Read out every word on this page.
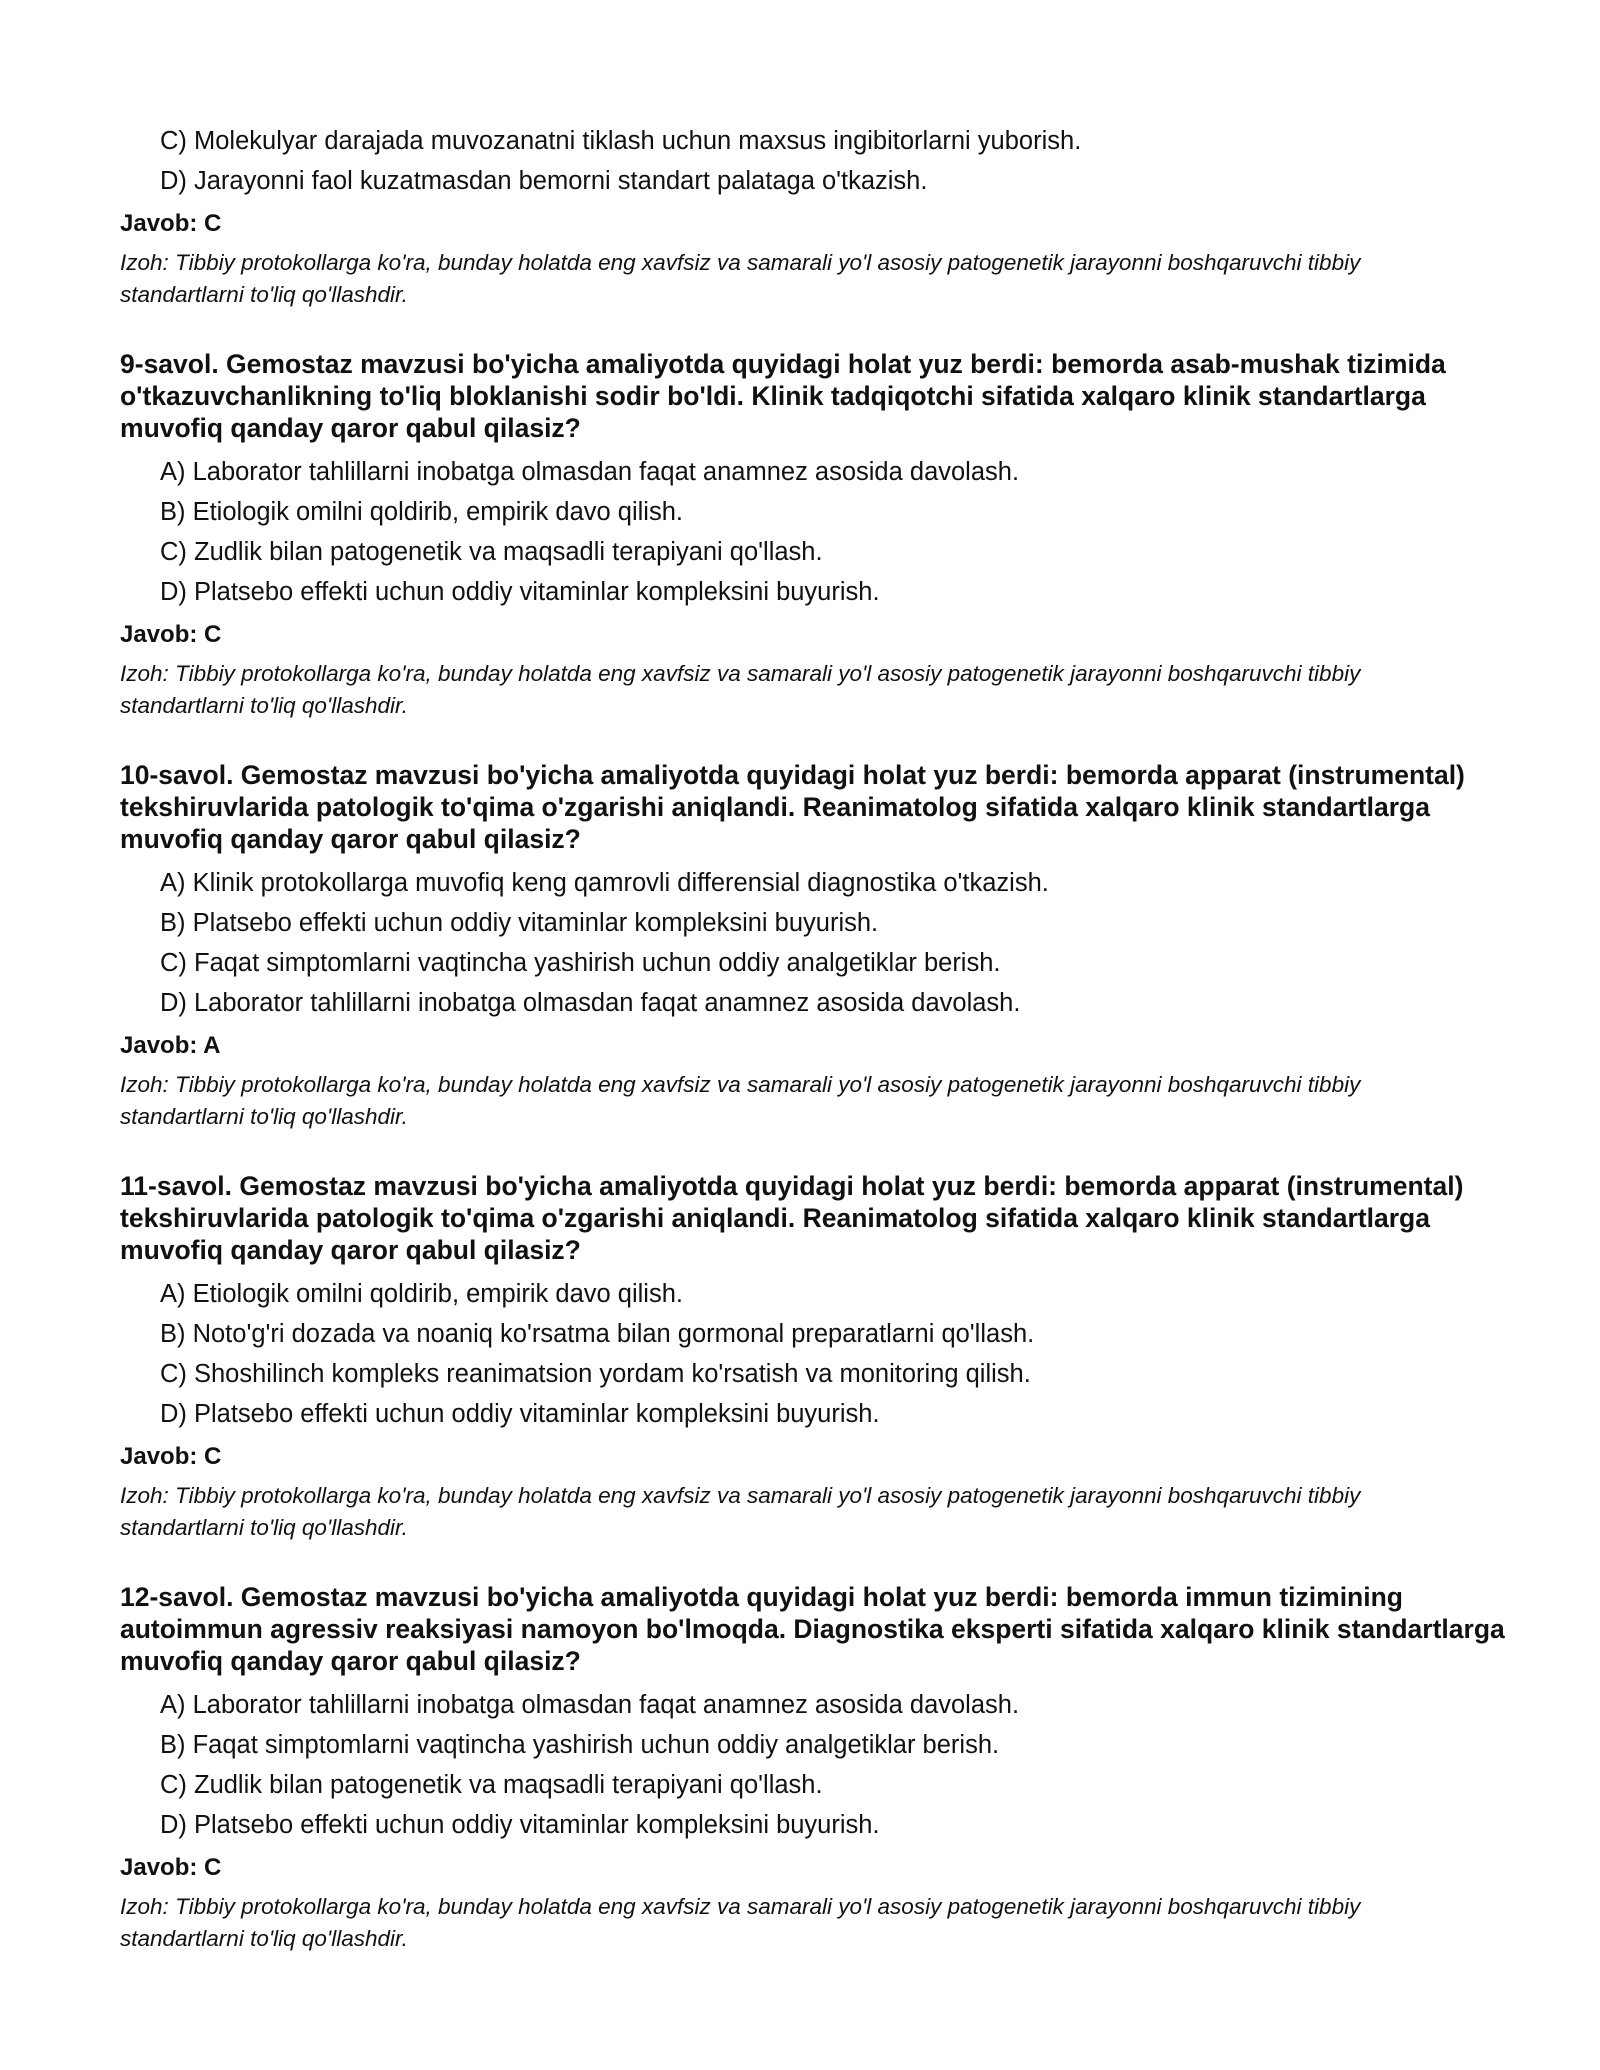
C) Molekulyar darajada muvozanatni tiklash uchun maxsus ingibitorlarni yuborish.
D) Jarayonni faol kuzatmasdan bemorni standart palataga o'tkazish.
Javob: C
Izoh: Tibbiy protokollarga ko'ra, bunday holatda eng xavfsiz va samarali yo'l asosiy patogenetik jarayonni boshqaruvchi tibbiy standartlarni to'liq qo'llashdir.
9-savol. Gemostaz mavzusi bo'yicha amaliyotda quyidagi holat yuz berdi: bemorda asab-mushak tizimida o'tkazuvchanlikning to'liq bloklanishi sodir bo'ldi. Klinik tadqiqotchi sifatida xalqaro klinik standartlarga muvofiq qanday qaror qabul qilasiz?
A) Laborator tahlillarni inobatga olmasdan faqat anamnez asosida davolash.
B) Etiologik omilni qoldirib, empirik davo qilish.
C) Zudlik bilan patogenetik va maqsadli terapiyani qo'llash.
D) Platsebo effekti uchun oddiy vitaminlar kompleksini buyurish.
Javob: C
Izoh: Tibbiy protokollarga ko'ra, bunday holatda eng xavfsiz va samarali yo'l asosiy patogenetik jarayonni boshqaruvchi tibbiy standartlarni to'liq qo'llashdir.
10-savol. Gemostaz mavzusi bo'yicha amaliyotda quyidagi holat yuz berdi: bemorda apparat (instrumental) tekshiruvlarida patologik to'qima o'zgarishi aniqlandi. Reanimatolog sifatida xalqaro klinik standartlarga muvofiq qanday qaror qabul qilasiz?
A) Klinik protokollarga muvofiq keng qamrovli differensial diagnostika o'tkazish.
B) Platsebo effekti uchun oddiy vitaminlar kompleksini buyurish.
C) Faqat simptomlarni vaqtincha yashirish uchun oddiy analgetiklar berish.
D) Laborator tahlillarni inobatga olmasdan faqat anamnez asosida davolash.
Javob: A
Izoh: Tibbiy protokollarga ko'ra, bunday holatda eng xavfsiz va samarali yo'l asosiy patogenetik jarayonni boshqaruvchi tibbiy standartlarni to'liq qo'llashdir.
11-savol. Gemostaz mavzusi bo'yicha amaliyotda quyidagi holat yuz berdi: bemorda apparat (instrumental) tekshiruvlarida patologik to'qima o'zgarishi aniqlandi. Reanimatolog sifatida xalqaro klinik standartlarga muvofiq qanday qaror qabul qilasiz?
A) Etiologik omilni qoldirib, empirik davo qilish.
B) Noto'g'ri dozada va noaniq ko'rsatma bilan gormonal preparatlarni qo'llash.
C) Shoshilinch kompleks reanimatsion yordam ko'rsatish va monitoring qilish.
D) Platsebo effekti uchun oddiy vitaminlar kompleksini buyurish.
Javob: C
Izoh: Tibbiy protokollarga ko'ra, bunday holatda eng xavfsiz va samarali yo'l asosiy patogenetik jarayonni boshqaruvchi tibbiy standartlarni to'liq qo'llashdir.
12-savol. Gemostaz mavzusi bo'yicha amaliyotda quyidagi holat yuz berdi: bemorda immun tizimining autoimmun agressiv reaksiyasi namoyon bo'lmoqda. Diagnostika eksperti sifatida xalqaro klinik standartlarga muvofiq qanday qaror qabul qilasiz?
A) Laborator tahlillarni inobatga olmasdan faqat anamnez asosida davolash.
B) Faqat simptomlarni vaqtincha yashirish uchun oddiy analgetiklar berish.
C) Zudlik bilan patogenetik va maqsadli terapiyani qo'llash.
D) Platsebo effekti uchun oddiy vitaminlar kompleksini buyurish.
Javob: C
Izoh: Tibbiy protokollarga ko'ra, bunday holatda eng xavfsiz va samarali yo'l asosiy patogenetik jarayonni boshqaruvchi tibbiy standartlarni to'liq qo'llashdir.
